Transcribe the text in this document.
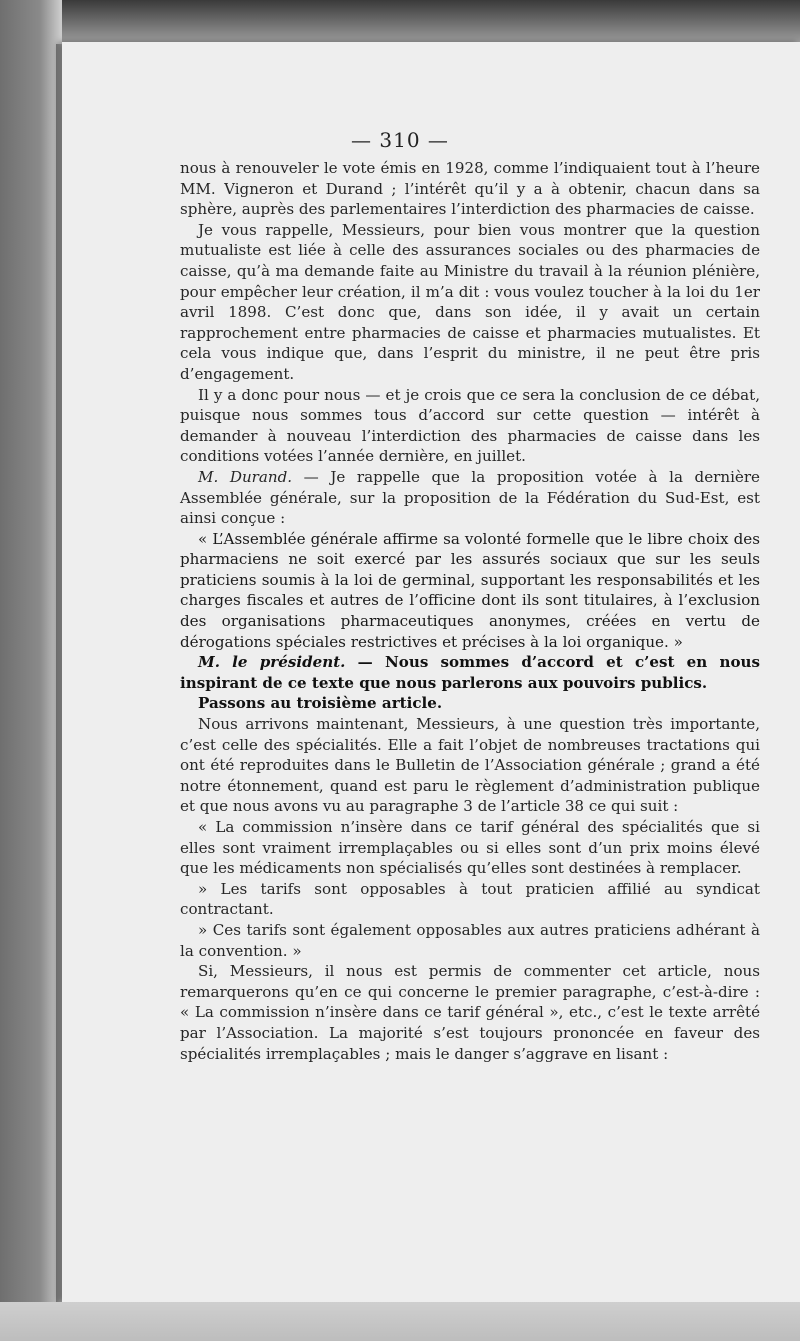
— 310 —

nous à renouveler le vote émis en 1928, comme l’indiquaient tout à l’heure MM. Vigneron et Durand ; l’intérêt qu’il y a à obtenir, chacun dans sa sphère, auprès des parlementaires l’interdiction des pharmacies de caisse.

Je vous rappelle, Messieurs, pour bien vous montrer que la question mutualiste est liée à celle des assurances sociales ou des pharmacies de caisse, qu’à ma demande faite au Ministre du travail à la réunion plénière, pour empêcher leur création, il m’a dit : vous voulez toucher à la loi du 1er avril 1898. C’est donc que, dans son idée, il y avait un certain rapprochement entre pharmacies de caisse et pharmacies mutualistes. Et cela vous indique que, dans l’esprit du ministre, il ne peut être pris d’engagement.

Il y a donc pour nous — et je crois que ce sera la conclusion de ce débat, puisque nous sommes tous d’accord sur cette question — intérêt à demander à nouveau l’interdiction des pharmacies de caisse dans les conditions votées l’année dernière, en juillet.

M. Durand. — Je rappelle que la proposition votée à la dernière Assemblée générale, sur la proposition de la Fédération du Sud-Est, est ainsi conçue :

« L’Assemblée générale affirme sa volonté formelle que le libre choix des pharmaciens ne soit exercé par les assurés sociaux que sur les seuls praticiens soumis à la loi de germinal, supportant les responsabilités et les charges fiscales et autres de l’officine dont ils sont titulaires, à l’exclusion des organisations pharmaceutiques anonymes, créées en vertu de dérogations spéciales restrictives et précises à la loi organique. »

M. le président. — Nous sommes d’accord et c’est en nous inspirant de ce texte que nous parlerons aux pouvoirs publics.

Passons au troisième article.

Nous arrivons maintenant, Messieurs, à une question très importante, c’est celle des spécialités. Elle a fait l’objet de nombreuses tractations qui ont été reproduites dans le Bulletin de l’Association générale ; grand a été notre étonnement, quand est paru le règlement d’administration publique et que nous avons vu au paragraphe 3 de l’article 38 ce qui suit :

« La commission n’insère dans ce tarif général des spécialités que si elles sont vraiment irremplaçables ou si elles sont d’un prix moins élevé que les médicaments non spécialisés qu’elles sont destinées à remplacer.

» Les tarifs sont opposables à tout praticien affilié au syndicat contractant.

» Ces tarifs sont également opposables aux autres praticiens adhérant à la convention. »

Si, Messieurs, il nous est permis de commenter cet article, nous remarquerons qu’en ce qui concerne le premier paragraphe, c’est-à-dire : « La commission n’insère dans ce tarif général », etc., c’est le texte arrêté par l’Association. La majorité s’est toujours prononcée en faveur des spécialités irremplaçables ; mais le danger s’aggrave en lisant :
